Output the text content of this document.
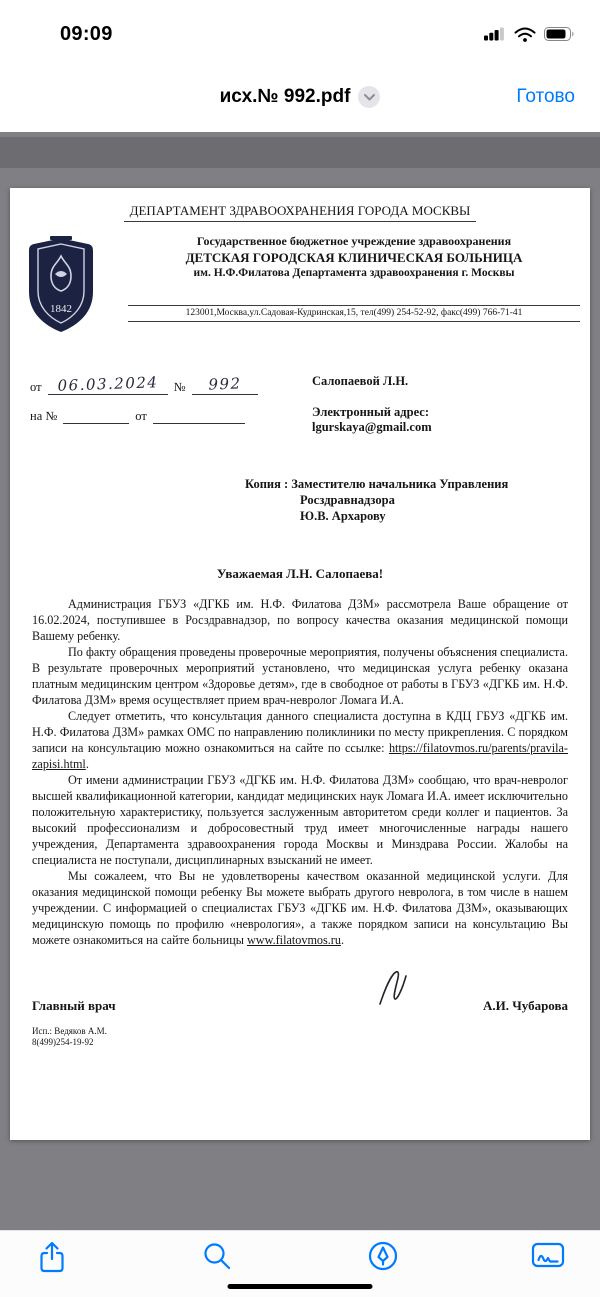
09:09
исх.№ 992.pdf	Готово
ДЕПАРТАМЕНТ ЗДРАВООХРАНЕНИЯ ГОРОДА МОСКВЫ
1842
Государственное бюджетное учреждение здравоохранения
ДЕТСКАЯ ГОРОДСКАЯ КЛИНИЧЕСКАЯ БОЛЬНИЦА
им. Н.Ф.Филатова Департамента здравоохранения г. Москвы
123001,Москва,ул.Садовая-Кудринская,15, тел(499) 254-52-92, факс(499) 766-71-41
от	06.03.2024	№	992
на №	от
Салопаевой Л.Н.
Электронный адрес:
lgurskaya@gmail.com
Копия : Заместителю начальника Управления
Росздравнадзора
Ю.В. Архарову
Уважаемая Л.Н. Салопаева!

Администрация ГБУЗ «ДГКБ им. Н.Ф. Филатова ДЗМ» рассмотрела Ваше обращение от 16.02.2024, поступившее в Росздравнадзор, по вопросу качества оказания медицинской помощи Вашему ребенку.

По факту обращения проведены проверочные мероприятия, получены объяснения специалиста. В результате проверочных мероприятий установлено, что медицинская услуга ребенку оказана платным медицинским центром «Здоровье детям», где в свободное от работы в ГБУЗ «ДГКБ им. Н.Ф. Филатова ДЗМ» время осуществляет прием врач-невролог Ломага И.А.

Следует отметить, что консультация данного специалиста доступна в КДЦ ГБУЗ «ДГКБ им. Н.Ф. Филатова ДЗМ» рамках ОМС по направлению поликлиники по месту прикрепления. С порядком записи на консультацию можно ознакомиться на сайте по ссылке: https://filatovmos.ru/parents/pravila-zapisi.html.

От имени администрации ГБУЗ «ДГКБ им. Н.Ф. Филатова ДЗМ» сообщаю, что врач-невролог высшей квалификационной категории, кандидат медицинских наук Ломага И.А. имеет исключительно положительную характеристику, пользуется заслуженным авторитетом среди коллег и пациентов. За высокий профессионализм и добросовестный труд имеет многочисленные награды нашего учреждения, Департамента здравоохранения города Москвы и Минздрава России. Жалобы на специалиста не поступали, дисциплинарных взысканий не имеет.

Мы сожалеем, что Вы не удовлетворены качеством оказанной медицинской услуги. Для оказания медицинской помощи ребенку Вы можете выбрать другого невролога, в том числе в нашем учреждении. С информацией о специалистах ГБУЗ «ДГКБ им. Н.Ф. Филатова ДЗМ», оказывающих медицинскую помощь по профилю «неврология», а также порядком записи на консультацию Вы можете ознакомиться на сайте больницы www.filatovmos.ru.

Главный врач	А.И. Чубарова
Исп.: Ведяков А.М.
8(499)254-19-92
